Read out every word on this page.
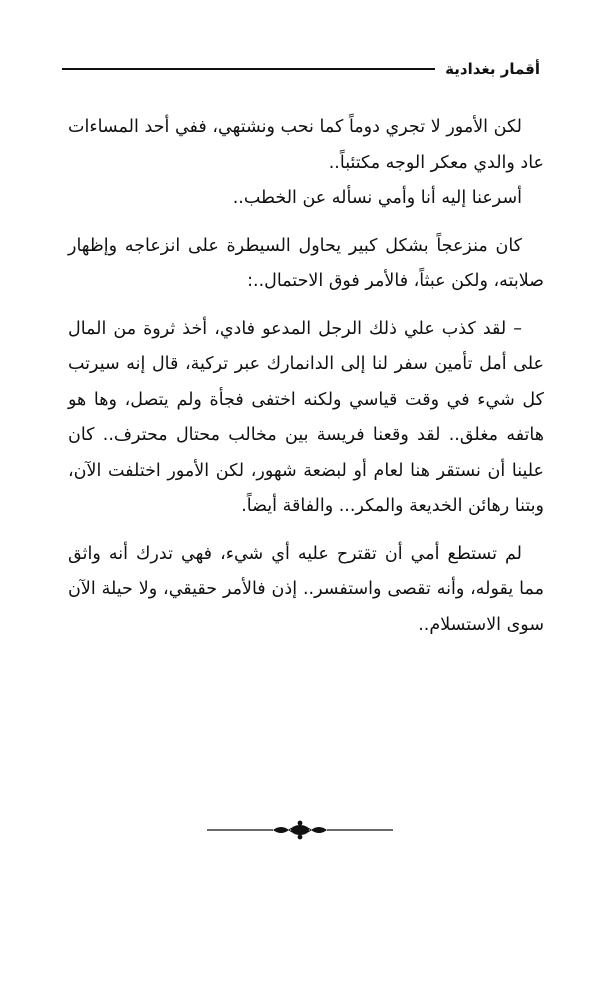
أقمار بغدادية

لكن الأمور لا تجري دوماً كما نحب ونشتهي، ففي أحد المساءات عاد والدي معكر الوجه مكتئباً..

أسرعنا إليه أنا وأمي نسأله عن الخطب..

كان منزعجاً بشكل كبير يحاول السيطرة على انزعاجه وإظهار صلابته، ولكن عبثاً، فالأمر فوق الاحتمال..:

– لقد كذب علي ذلك الرجل المدعو فادي، أخذ ثروة من المال على أمل تأمين سفر لنا إلى الدانمارك عبر تركية، قال إنه سيرتب كل شيء في وقت قياسي ولكنه اختفى فجأة ولم يتصل، وها هو هاتفه مغلق.. لقد وقعنا فريسة بين مخالب محتال محترف.. كان علينا أن نستقر هنا لعام أو لبضعة شهور، لكن الأمور اختلفت الآن، وبتنا رهائن الخديعة والمكر... والفاقة أيضاً.

لم تستطع أمي أن تقترح عليه أي شيء، فهي تدرك أنه واثق مما يقوله، وأنه تقصى واستفسر.. إذن فالأمر حقيقي، ولا حيلة الآن سوى الاستسلام..
